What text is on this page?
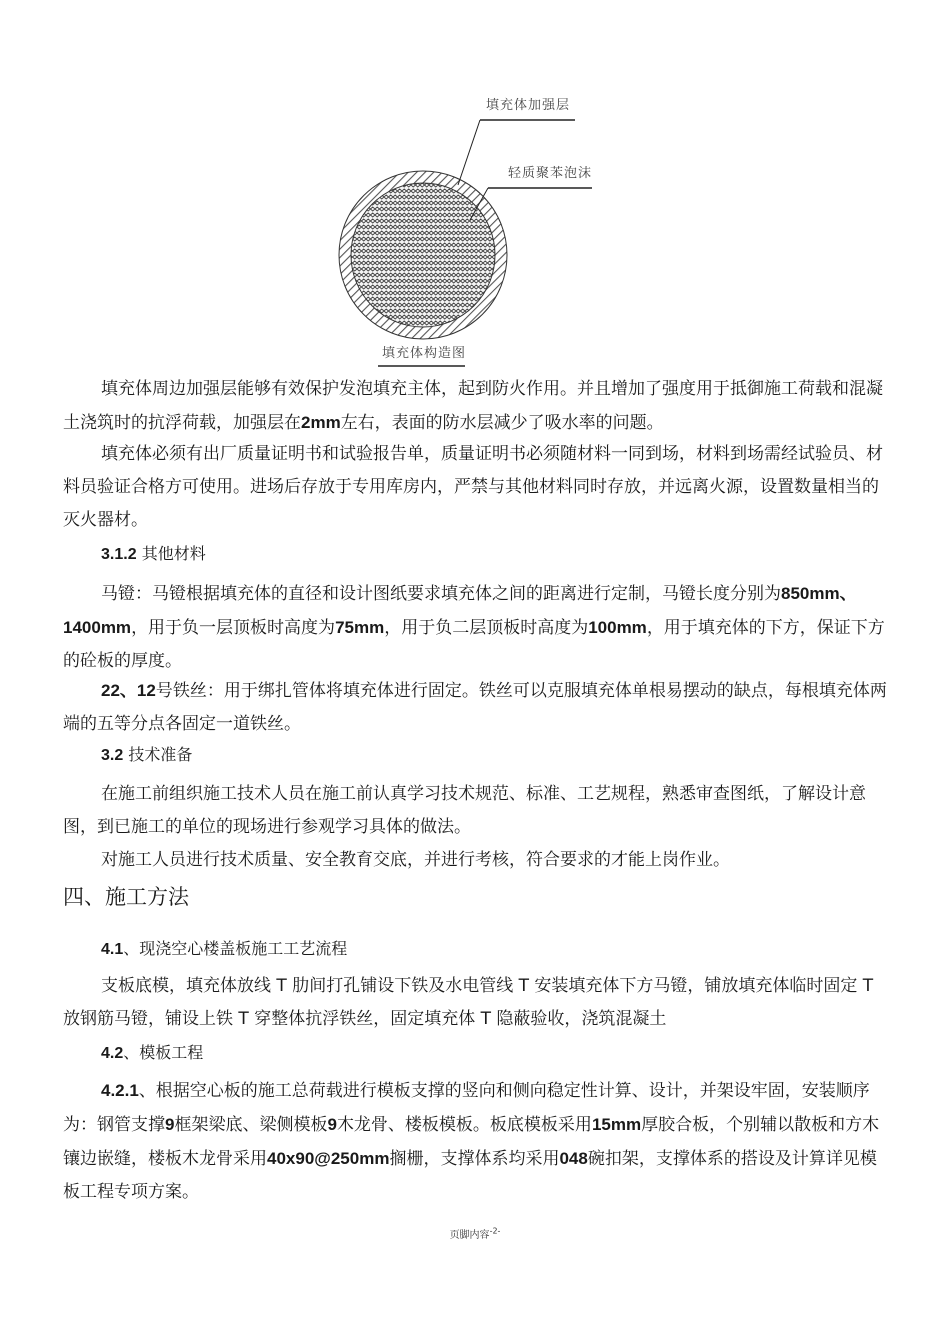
填充体加强层
轻质聚苯泡沫
填充体构造图

填充体周边加强层能够有效保护发泡填充主体，起到防火作用。并且增加了强度用于抵御施工荷载和混凝土浇筑时的抗浮荷载，加强层在2mm左右，表面的防水层减少了吸水率的问题。

填充体必须有出厂质量证明书和试验报告单，质量证明书必须随材料一同到场，材料到场需经试验员、材料员验证合格方可使用。进场后存放于专用库房内，严禁与其他材料同时存放，并远离火源，设置数量相当的灭火器材。

3.1.2 其他材料

马镫：马镫根据填充体的直径和设计图纸要求填充体之间的距离进行定制，马镫长度分别为850mm、1400mm，用于负一层顶板时高度为75mm，用于负二层顶板时高度为100mm，用于填充体的下方，保证下方的砼板的厚度。

22、12号铁丝：用于绑扎管体将填充体进行固定。铁丝可以克服填充体单根易摆动的缺点，每根填充体两端的五等分点各固定一道铁丝。

3.2 技术准备

在施工前组织施工技术人员在施工前认真学习技术规范、标准、工艺规程，熟悉审查图纸，了解设计意图，到已施工的单位的现场进行参观学习具体的做法。

对施工人员进行技术质量、安全教育交底，并进行考核，符合要求的才能上岗作业。

四、施工方法

4.1、现浇空心楼盖板施工工艺流程

支板底模，填充体放线 T 肋间打孔铺设下铁及水电管线 T 安装填充体下方马镫，铺放填充体临时固定 T 放钢筋马镫，铺设上铁 T 穿整体抗浮铁丝，固定填充体 T 隐蔽验收，浇筑混凝土

4.2、模板工程

4.2.1、根据空心板的施工总荷载进行模板支撑的竖向和侧向稳定性计算、设计，并架设牢固，安装顺序为：钢管支撑9框架梁底、梁侧模板9木龙骨、楼板模板。板底模板采用15mm厚胶合板，个别辅以散板和方木镶边嵌缝，楼板木龙骨采用40x90@250mm搁栅，支撑体系均采用048碗扣架，支撑体系的搭设及计算详见模板工程专项方案。

页脚内容$^{-2-}$
